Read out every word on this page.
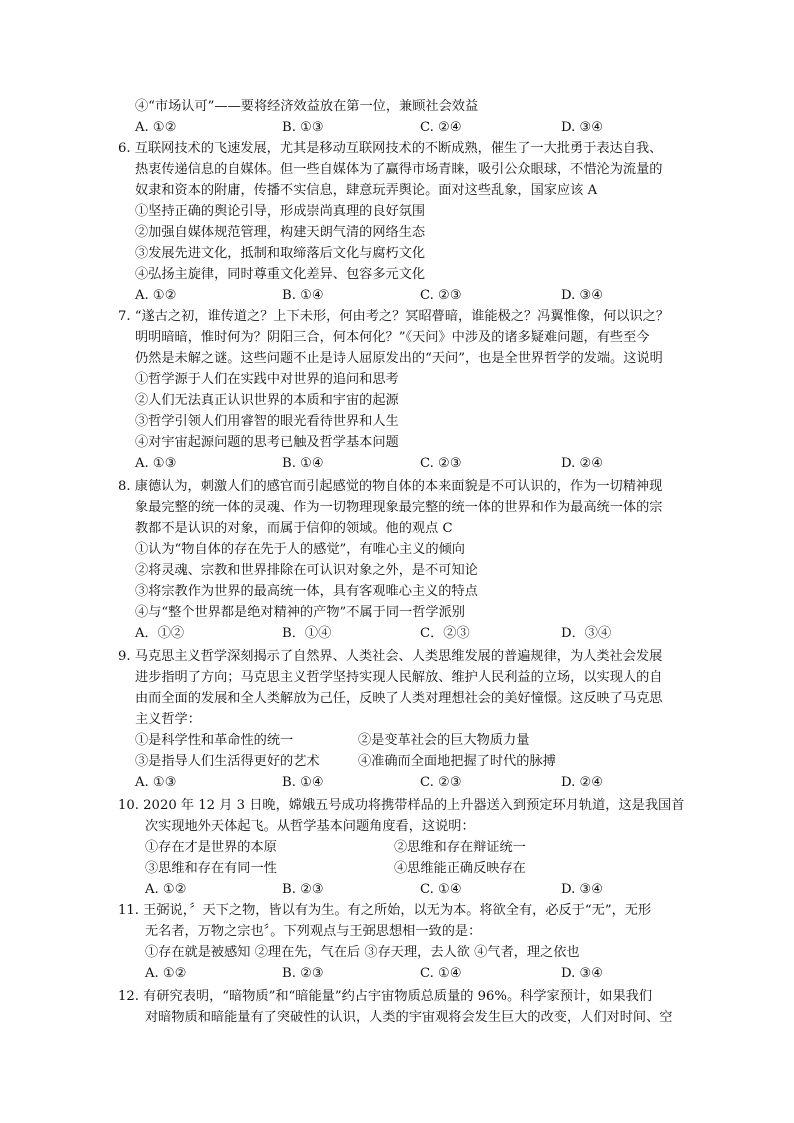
④“市场认可”——要将经济效益放在第一位，兼顾社会效益
A. ①②	B. ①③	C. ②④	D. ③④
6. 互联网技术的飞速发展，尤其是移动互联网技术的不断成熟，催生了一大批勇于表达自我、
热衷传递信息的自媒体。但一些自媒体为了赢得市场青睐，吸引公众眼球，不惜沦为流量的
奴隶和资本的附庸，传播不实信息，肆意玩弄舆论。面对这些乱象，国家应该 A
①坚持正确的舆论引导，形成崇尚真理的良好氛围
②加强自媒体规范管理，构建天朗气清的网络生态
③发展先进文化，抵制和取缔落后文化与腐朽文化
④弘扬主旋律，同时尊重文化差异、包容多元文化
A. ①②	B. ①④	C. ②③	D. ③④
7. “遂古之初，谁传道之？上下未形，何由考之？冥昭瞢暗，谁能极之？冯翼惟像，何以识之？
明明暗暗，惟时何为？阴阳三合，何本何化？”《天问》中涉及的诸多疑难问题，有些至今
仍然是未解之谜。这些问题不止是诗人屈原发出的“天问”，也是全世界哲学的发端。这说明
①哲学源于人们在实践中对世界的追问和思考
②人们无法真正认识世界的本质和宇宙的起源
③哲学引领人们用睿智的眼光看待世界和人生
④对宇宙起源问题的思考已触及哲学基本问题
A. ①③	B. ①④	C. ②③	D. ②④
8. 康德认为，刺激人们的感官而引起感觉的物自体的本来面貌是不可认识的，作为一切精神现
象最完整的统一体的灵魂、作为一切物理现象最完整的统一体的世界和作为最高统一体的宗
教都不是认识的对象，而属于信仰的领域。他的观点 C
①认为“物自体的存在先于人的感觉”，有唯心主义的倾向
②将灵魂、宗教和世界排除在可认识对象之外，是不可知论
③将宗教作为世界的最高统一体，具有客观唯心主义的特点
④与“整个世界都是绝对精神的产物”不属于同一哲学派别
A．①②	B．①④	C．②③	D．③④
9. 马克思主义哲学深刻揭示了自然界、人类社会、人类思维发展的普遍规律，为人类社会发展
进步指明了方向；马克思主义哲学坚持实现人民解放、维护人民利益的立场，以实现人的自
由而全面的发展和全人类解放为己任，反映了人类对理想社会的美好憧憬。这反映了马克思
主义哲学：
①是科学性和革命性的统一	②是变革社会的巨大物质力量
③是指导人们生活得更好的艺术	④准确而全面地把握了时代的脉搏
A. ①③	B. ①④	C. ②③	D. ②④
10. 2020 年 12 月 3 日晚，嫦娥五号成功将携带样品的上升器送入到预定环月轨道，这是我国首
次实现地外天体起飞。从哲学基本问题角度看，这说明：
①存在才是世界的本原	②思维和存在辩证统一
③思维和存在有同一性	④思维能正确反映存在
A. ①②	B. ②③	C. ①④	D. ③④
11. 王弼说，〞天下之物，皆以有为生。有之所始，以无为本。将欲全有，必反于“无”，无形
无名者，万物之宗也〞。下列观点与王弼思想相一致的是：
①存在就是被感知 ②理在先，气在后 ③存天理，去人欲 ④气者，理之依也
A. ①②	B. ②③	C. ①④	D. ③④
12. 有研究表明，“暗物质”和“暗能量”约占宇宙物质总质量的 96%。科学家预计，如果我们
对暗物质和暗能量有了突破性的认识，人类的宇宙观将会发生巨大的改变，人们对时间、空
